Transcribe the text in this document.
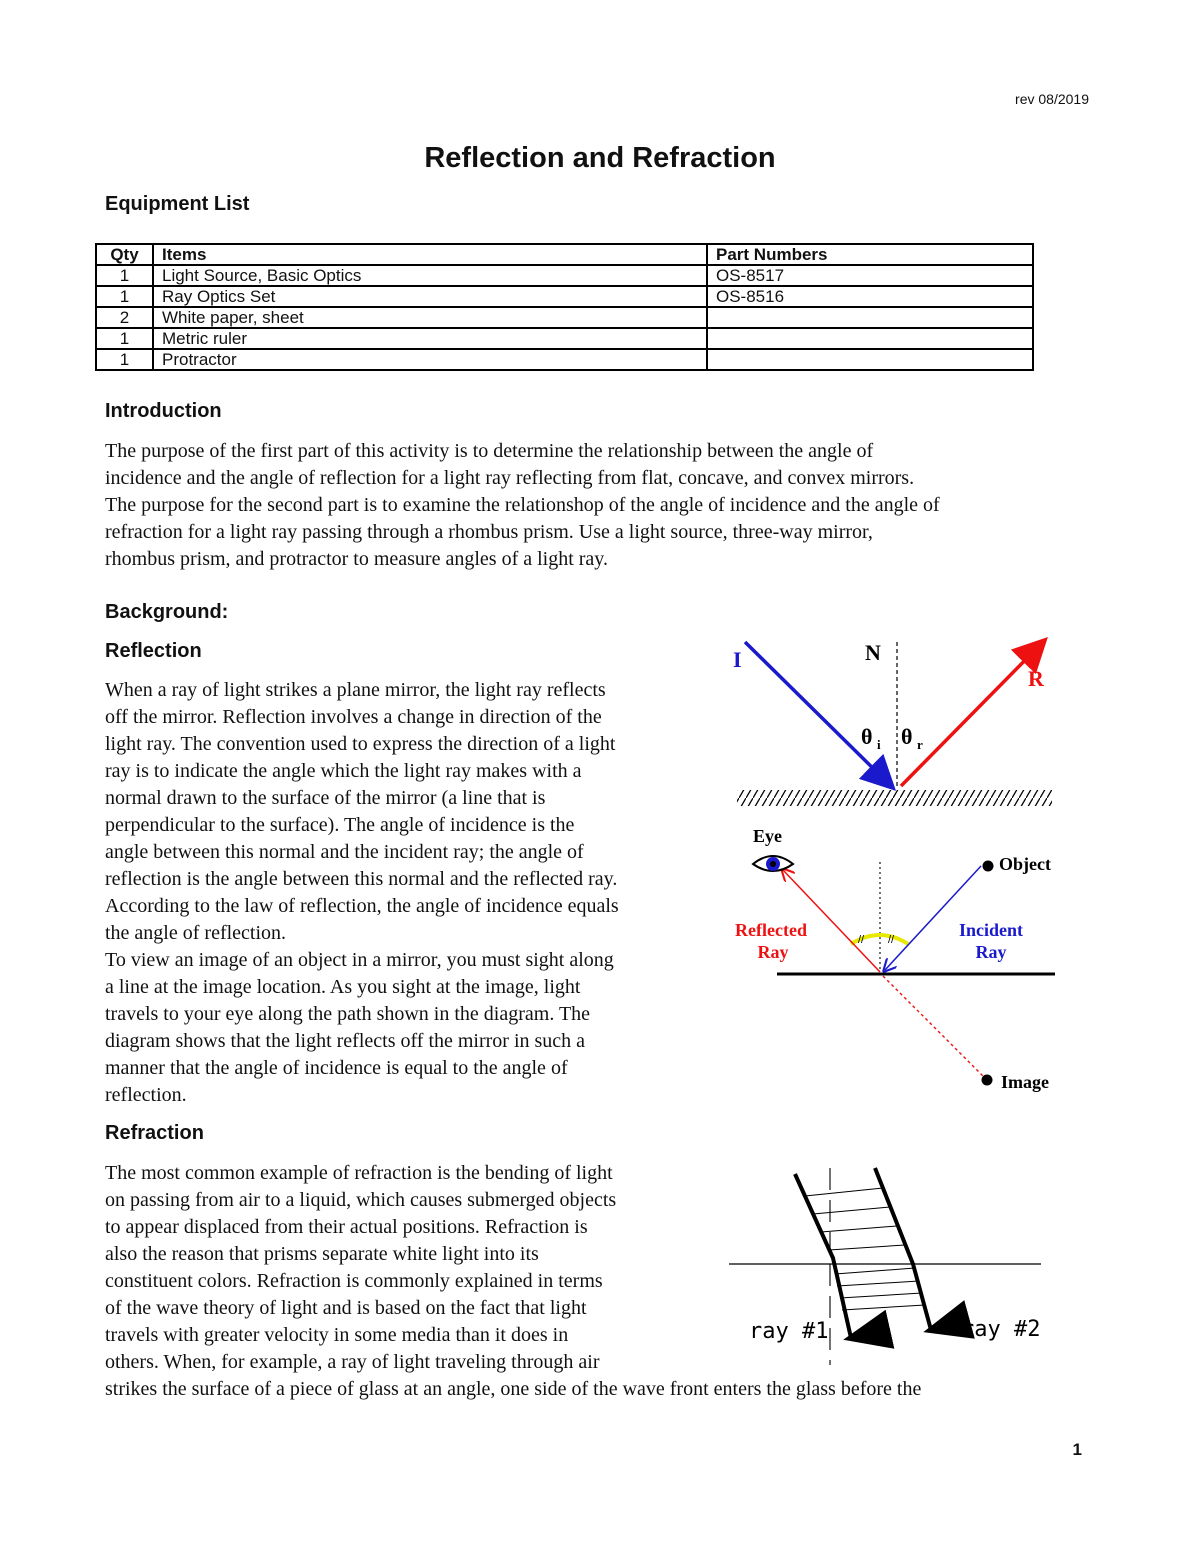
rev 08/2019
Reflection and Refraction
Equipment List
Qty	Items	Part Numbers
1	Light Source, Basic Optics	OS-8517
1	Ray Optics Set	OS-8516
2	White paper, sheet	
1	Metric ruler	
1	Protractor	
Introduction
The purpose of the first part of this activity is to determine the relationship between the angle of
incidence and the angle of reflection for a light ray reflecting from flat, concave, and convex mirrors.
The purpose for the second part is to examine the relationshop of the angle of incidence and the angle of
refraction for a light ray passing through a rhombus prism. Use a light source, three-way mirror,
rhombus prism, and protractor to measure angles of a light ray.
Background:
Reflection
When a ray of light strikes a plane mirror, the light ray reflects
off the mirror. Reflection involves a change in direction of the
light ray. The convention used to express the direction of a light
ray is to indicate the angle which the light ray makes with a
normal drawn to the surface of the mirror (a line that is
perpendicular to the surface). The angle of incidence is the
angle between this normal and the incident ray; the angle of
reflection is the angle between this normal and the reflected ray.
According to the law of reflection, the angle of incidence equals
the angle of reflection.
To view an image of an object in a mirror, you must sight along
a line at the image location. As you sight at the image, light
travels to your eye along the path shown in the diagram. The
diagram shows that the light reflects off the mirror in such a
manner that the angle of incidence is equal to the angle of
reflection.
Refraction
The most common example of refraction is the bending of light
on passing from air to a liquid, which causes submerged objects
to appear displaced from their actual positions. Refraction is
also the reason that prisms separate white light into its
constituent colors. Refraction is commonly explained in terms
of the wave theory of light and is based on the fact that light
travels with greater velocity in some media than it does in
others. When, for example, a ray of light traveling through air
strikes the surface of a piece of glass at an angle, one side of the wave front enters the glass before the
I	N
R
θ i θ r
// //
Eye
Object
Image
Reflected
Ray
Incident
Ray
ray #1	ray #2
1
